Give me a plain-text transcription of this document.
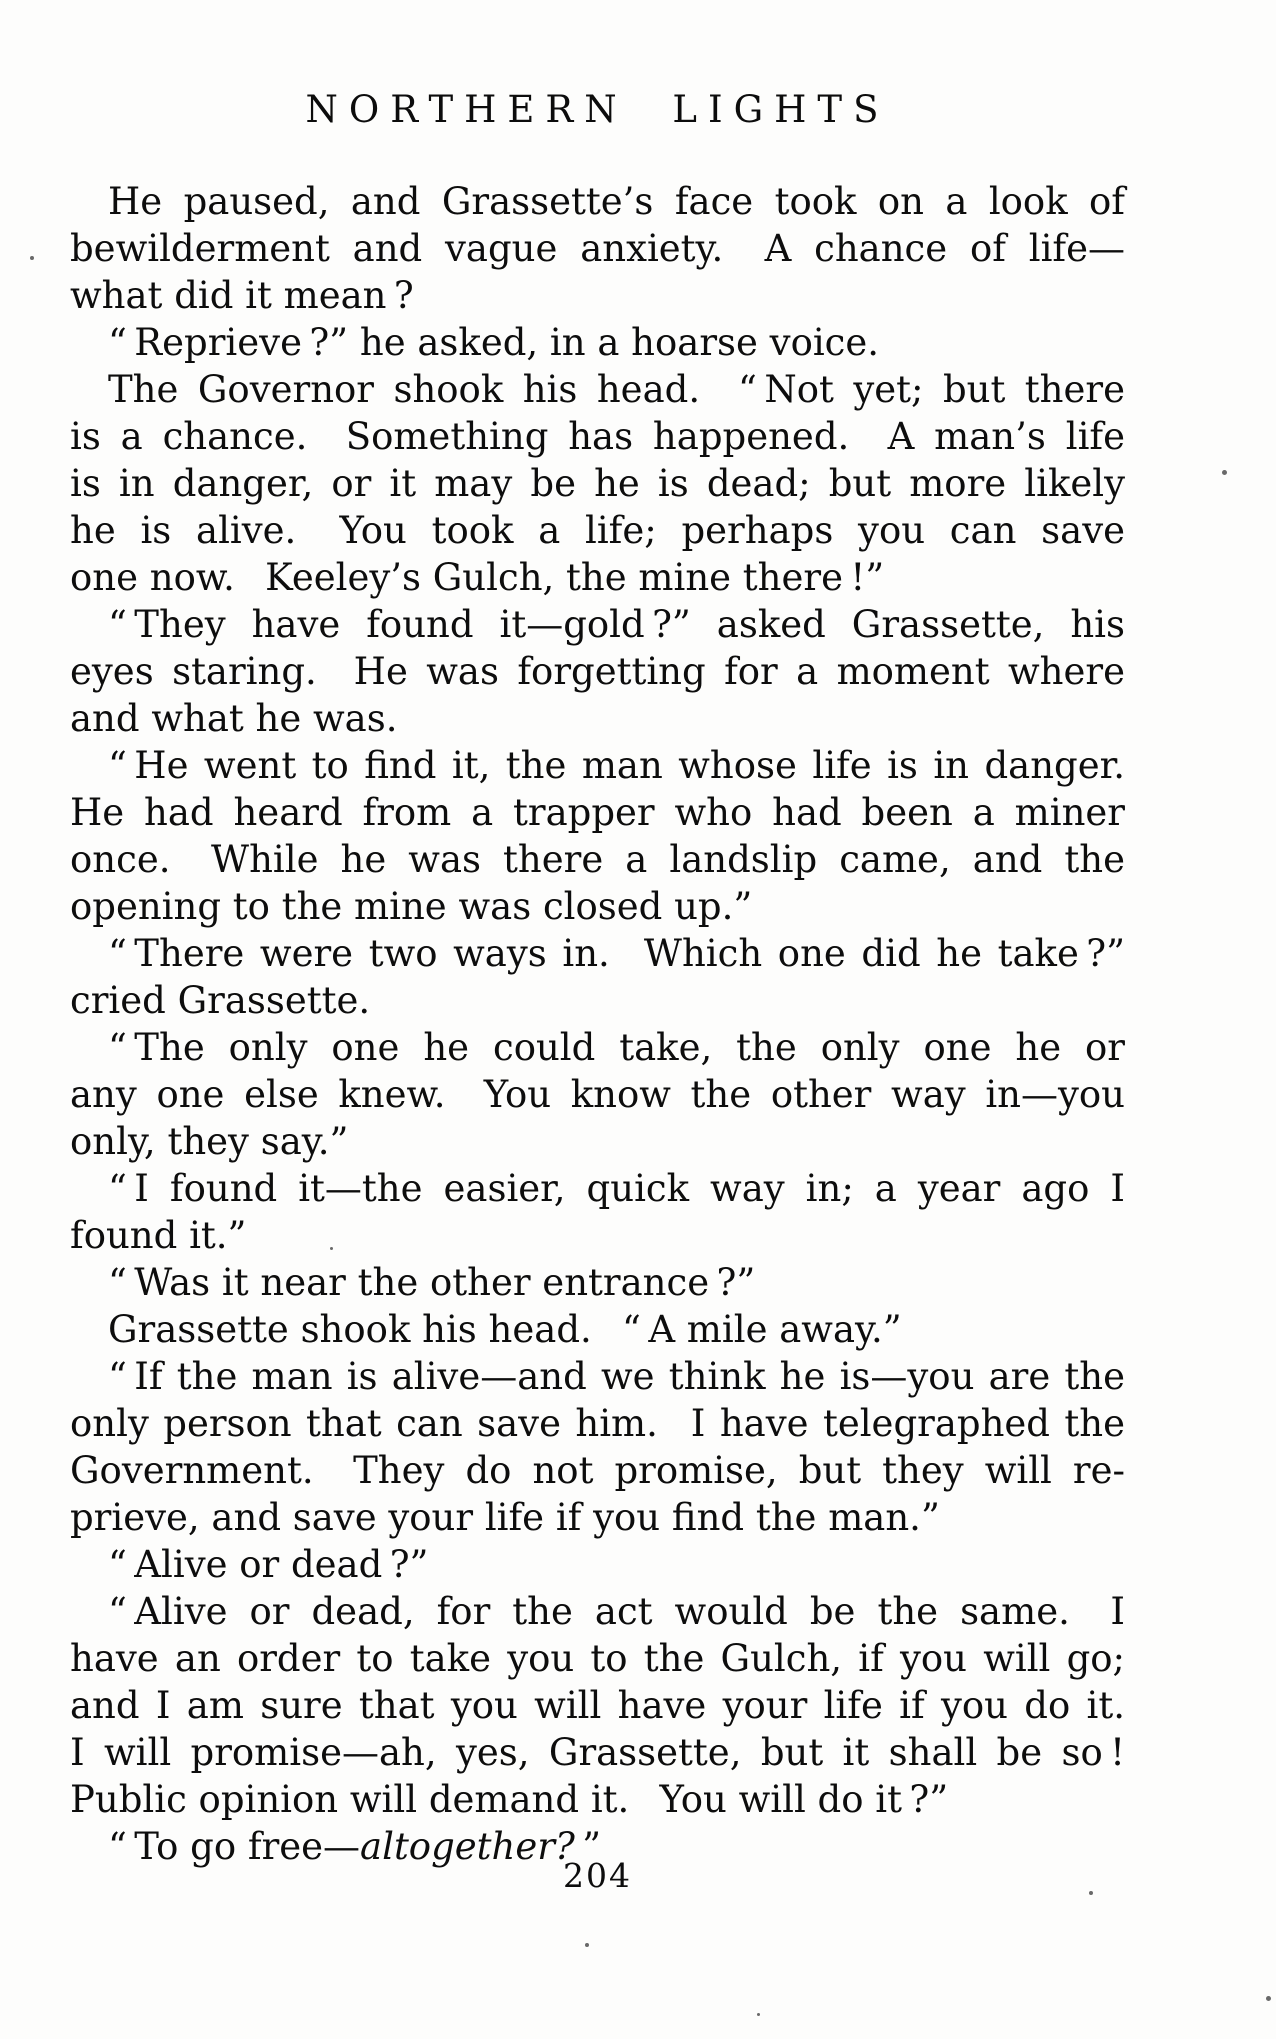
NORTHERN LIGHTS
He paused, and Grassette’s face took on a look of
bewilderment and vague anxiety.  A chance of life—
what did it mean ?
“ Reprieve ?” he asked, in a hoarse voice.
The Governor shook his head.  “ Not yet; but there
is a chance.  Something has happened.  A man’s life
is in danger, or it may be he is dead; but more likely
he is alive.  You took a life; perhaps you can save
one now.  Keeley’s Gulch, the mine there !”
“ They have found it—gold ?” asked Grassette, his
eyes staring.  He was forgetting for a moment where
and what he was.
“ He went to find it, the man whose life is in danger.
He had heard from a trapper who had been a miner
once.  While he was there a landslip came, and the
opening to the mine was closed up.”
“ There were two ways in.  Which one did he take ?”
cried Grassette.
“ The only one he could take, the only one he or
any one else knew.  You know the other way in—you
only, they say.”
“ I found it—the easier, quick way in; a year ago I
found it.”
“ Was it near the other entrance ?”
Grassette shook his head.  “ A mile away.”
“ If the man is alive—and we think he is—you are the
only person that can save him.  I have telegraphed the
Government.  They do not promise, but they will re-
prieve, and save your life if you find the man.”
“ Alive or dead ?”
“ Alive or dead, for the act would be the same.  I
have an order to take you to the Gulch, if you will go;
and I am sure that you will have your life if you do it.
I will promise—ah, yes, Grassette, but it shall be so !
Public opinion will demand it.  You will do it ?”
“ To go free—altogether? ”
204
